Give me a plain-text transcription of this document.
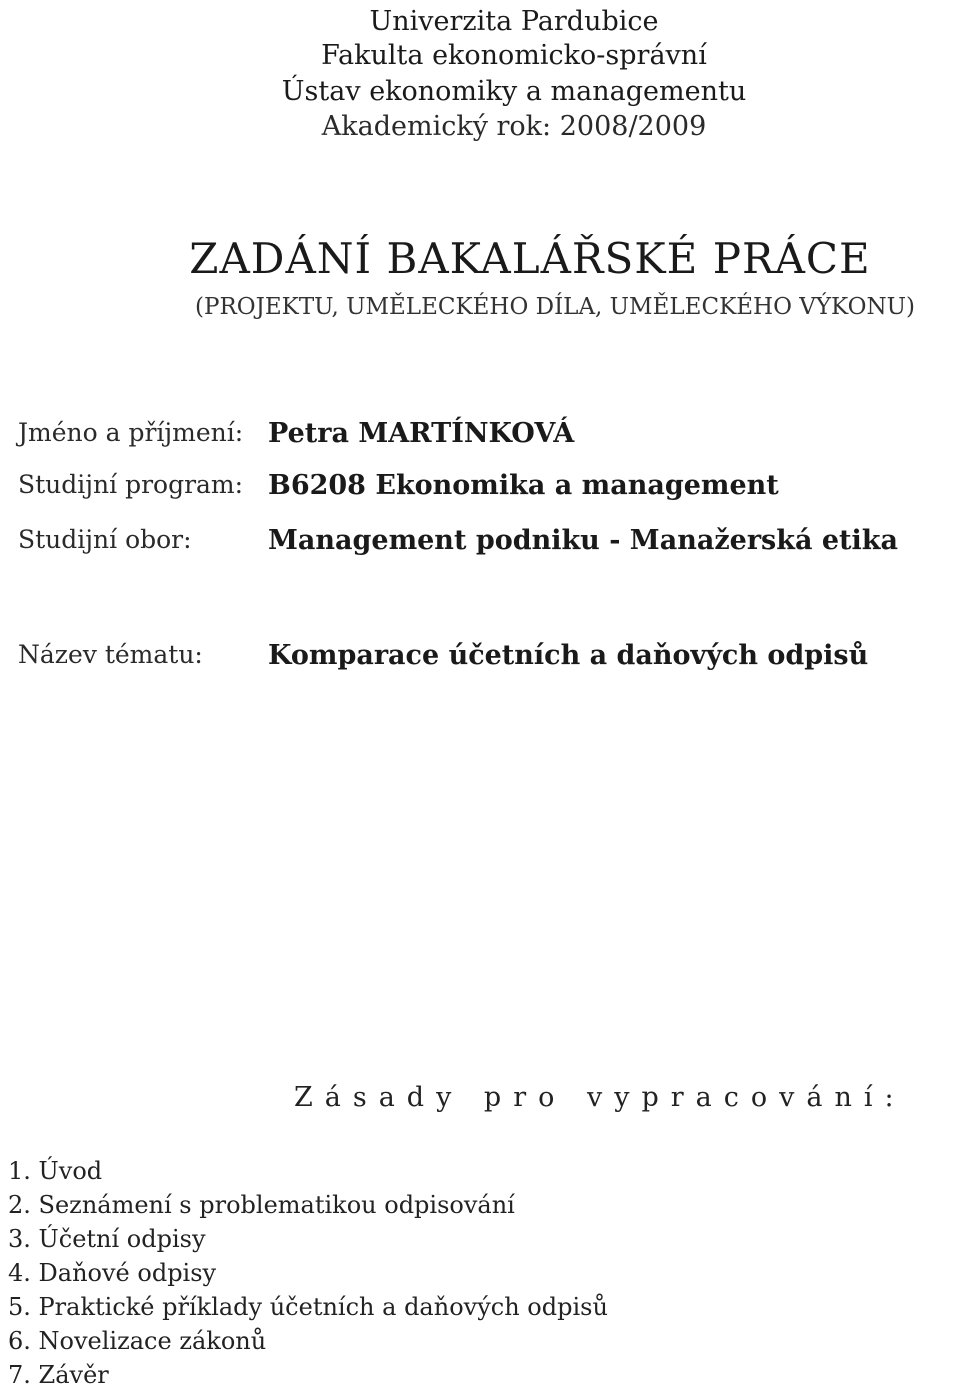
Univerzita Pardubice
Fakulta ekonomicko-správní
Ústav ekonomiky a managementu
Akademický rok: 2008/2009
ZADÁNÍ BAKALÁŘSKÉ PRÁCE
(PROJEKTU, UMĚLECKÉHO DÍLA, UMĚLECKÉHO VÝKONU)
Jméno a příjmení: Petra MARTÍNKOVÁ
Studijní program: B6208 Ekonomika a management
Studijní obor:	Management podniku - Manažerská etika
Název tématu: Komparace účetních a daňových odpisů
Zásady pro vypracování:
1. Úvod
2. Seznámení s problematikou odpisování
3. Účetní odpisy
4. Daňové odpisy
5. Praktické příklady účetních a daňových odpisů
6. Novelizace zákonů
7. Závěr
